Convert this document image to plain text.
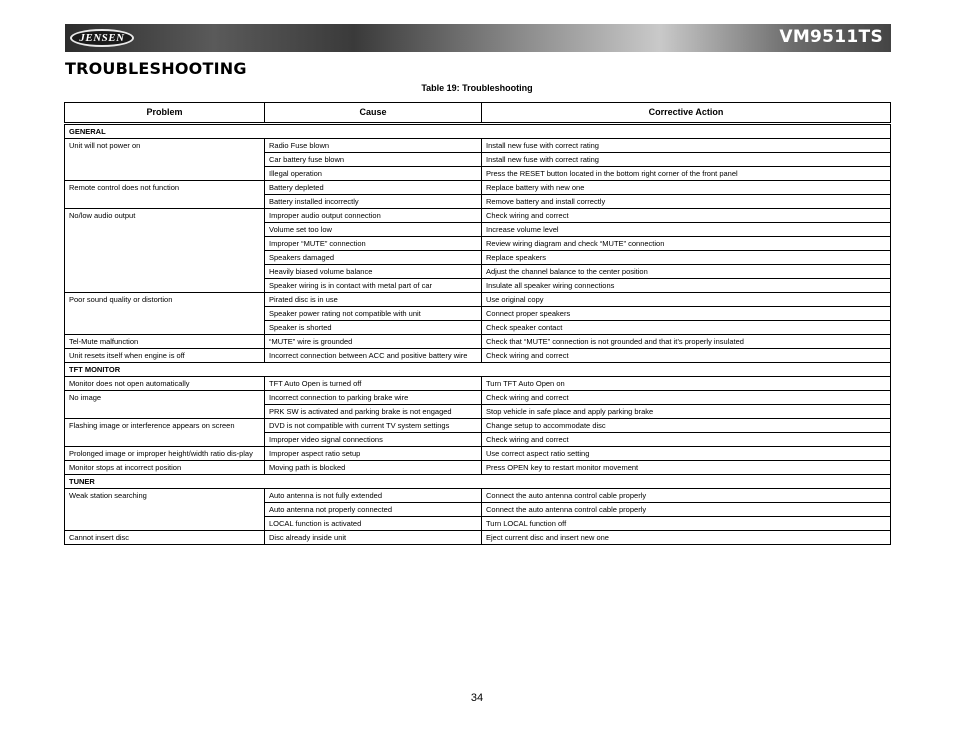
JENSEN	VM9511TS
TROUBLESHOOTING
Table 19: Troubleshooting
Problem	Cause	Corrective Action
GENERAL		
Unit will not power on	Radio Fuse blown	Install new fuse with correct rating
	Car battery fuse blown	Install new fuse with correct rating
	Illegal operation	Press the RESET button located in the bottom right corner of the front panel
Remote control does not function	Battery depleted	Replace battery with new one
	Battery installed incorrectly	Remove battery and install correctly
No/low audio output	Improper audio output connection	Check wiring and correct
	Volume set too low	Increase volume level
	Improper “MUTE” connection	Review wiring diagram and check “MUTE” connection
	Speakers damaged	Replace speakers
	Heavily biased volume balance	Adjust the channel balance to the center position
	Speaker wiring is in contact with metal part of car	Insulate all speaker wiring connections
Poor sound quality or distortion	Pirated disc is in use	Use original copy
	Speaker power rating not compatible with unit	Connect proper speakers
	Speaker is shorted	Check speaker contact
Tel-Mute malfunction	“MUTE” wire is grounded	Check that “MUTE” connection is not grounded and that it’s properly insulated
Unit resets itself when engine is off	Incorrect connection between ACC and positive battery wire	Check wiring and correct
TFT MONITOR		
Monitor does not open automatically	TFT Auto Open is turned off	Turn TFT Auto Open on
No image	Incorrect connection to parking brake wire	Check wiring and correct
	PRK SW is activated and parking brake is not engaged	Stop vehicle in safe place and apply parking brake
Flashing image or interference appears on screen	DVD is not compatible with current TV system settings	Change setup to accommodate disc
	Improper video signal connections	Check wiring and correct
Prolonged image or improper height/width ratio dis-play	Improper aspect ratio setup	Use correct aspect ratio setting
Monitor stops at incorrect position	Moving path is blocked	Press OPEN key to restart monitor movement
TUNER		
Weak station searching	Auto antenna is not fully extended	Connect the auto antenna control cable properly
	Auto antenna not properly connected	Connect the auto antenna control cable properly
	LOCAL function is activated	Turn LOCAL function off
Cannot insert disc	Disc already inside unit	Eject current disc and insert new one
34
